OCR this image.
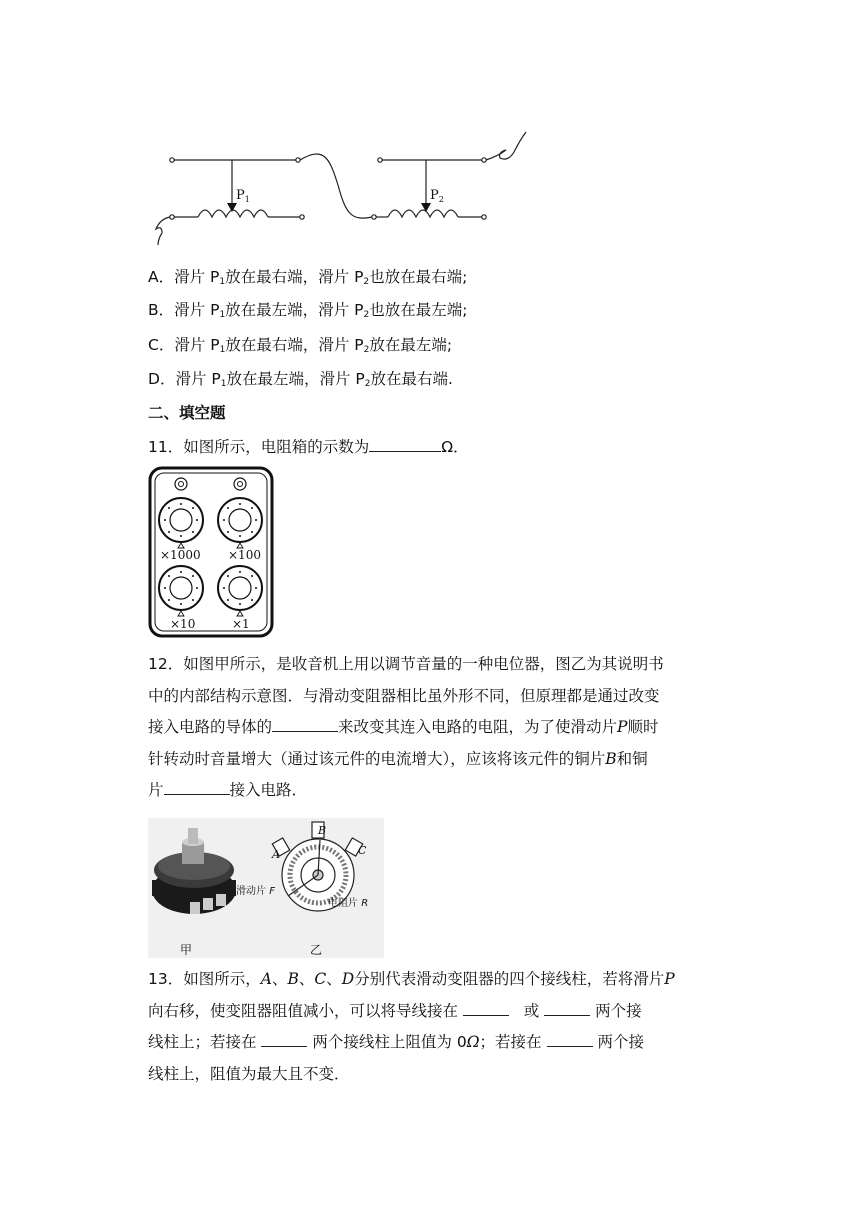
$P_1$	$P_2$
A．滑片 $P_1$放在最右端，滑片 $P_2$也放在最右端;
B．滑片 $P_1$放在最左端，滑片 $P_2$也放在最左端;
C．滑片 $P_1$放在最右端，滑片 $P_2$放在最左端;
D．滑片 $P_1$放在最左端，滑片 $P_2$放在最右端.
二、填空题
11．如图所示，电阻箱的示数为	Ω．
×1000 ×100
×10	×1
12．如图甲所示，是收音机上用以调节音量的一种电位器，图乙为其说明书
中的内部结构示意图．与滑动变阻器相比虽外形不同，但原理都是通过改变
接入电路的导体的	来改变其连入电路的电阻，为了使滑动片P顺时
针转动时音量增大（通过该元件的电流增大），应该将该元件的铜片B和铜
片	接入电路．
A
B
C
滑动片 F
电阻片 R
甲	乙
13．如图所示，A、B、C、D分别代表滑动变阻器的四个接线柱，若将滑片P
向右移，使变阻器阻值减小，可以将导线接在	或	两个接
线柱上；若接在	两个接线柱上阻值为 0Ω；若接在	两个接
线柱上，阻值为最大且不变．
